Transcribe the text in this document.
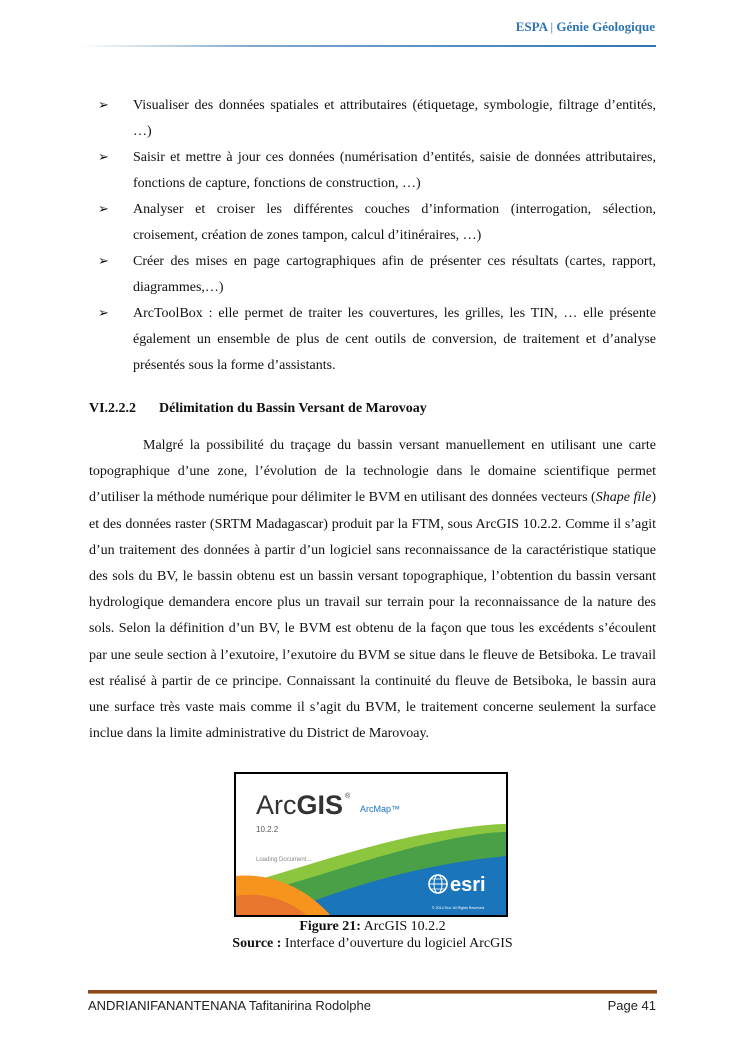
ESPA | Génie Géologique
➢ Visualiser des données spatiales et attributaires (étiquetage, symbologie, filtrage d’entités, …)
➢ Saisir et mettre à jour ces données (numérisation d’entités, saisie de données attributaires, fonctions de capture, fonctions de construction, …)
➢ Analyser et croiser les différentes couches d’information (interrogation, sélection, croisement, création de zones tampon, calcul d’itinéraires, …)
➢ Créer des mises en page cartographiques afin de présenter ces résultats (cartes, rapport, diagrammes,…)
➢ ArcToolBox : elle permet de traiter les couvertures, les grilles, les TIN, … elle présente également un ensemble de plus de cent outils de conversion, de traitement et d’analyse présentés sous la forme d’assistants.
VI.2.2.2 Délimitation du Bassin Versant de Marovoay

Malgré la possibilité du traçage du bassin versant manuellement en utilisant une carte topographique d’une zone, l’évolution de la technologie dans le domaine scientifique permet d’utiliser la méthode numérique pour délimiter le BVM en utilisant des données vecteurs (Shape file) et des données raster (SRTM Madagascar) produit par la FTM, sous ArcGIS 10.2.2. Comme il s’agit d’un traitement des données à partir d’un logiciel sans reconnaissance de la caractéristique statique des sols du BV, le bassin obtenu est un bassin versant topographique, l’obtention du bassin versant hydrologique demandera encore plus un travail sur terrain pour la reconnaissance de la nature des sols. Selon la définition d’un BV, le BVM est obtenu de la façon que tous les excédents s’écoulent par une seule section à l’exutoire, l’exutoire du BVM se situe dans le fleuve de Betsiboka. Le travail est réalisé à partir de ce principe. Connaissant la continuité du fleuve de Betsiboka, le bassin aura une surface très vaste mais comme il s’agit du BVM, le traitement concerne seulement la surface inclue dans la limite administrative du District de Marovoay.

ArcGIS ®
ArcMap™
10.2.2
Loading Document...
esri
© 2014 Esri. All Rights Reserved.
Figure 21: ArcGIS 10.2.2
Source : Interface d’ouverture du logiciel ArcGIS
ANDRIANIFANANTENANA Tafitanirina Rodolphe	Page 41
